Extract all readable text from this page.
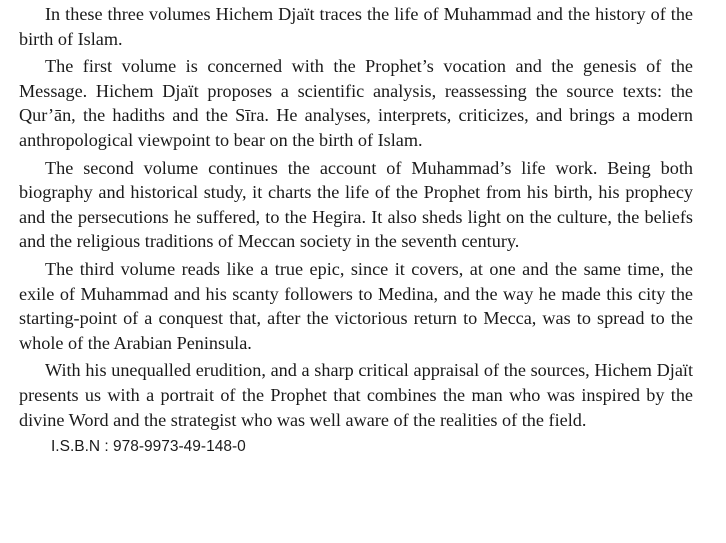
In these three volumes Hichem Djaït traces the life of Muhammad and the history of the birth of Islam.

The first volume is concerned with the Prophet’s vocation and the genesis of the Message. Hichem Djaït proposes a scientific analysis, reassessing the source texts: the Qur’ān, the hadiths and the Sīra. He analyses, interprets, criticizes, and brings a modern anthropological viewpoint to bear on the birth of Islam.

The second volume continues the account of Muhammad’s life work. Being both biography and historical study, it charts the life of the Prophet from his birth, his prophecy and the persecutions he suffered, to the Hegira. It also sheds light on the culture, the beliefs and the religious traditions of Meccan society in the seventh century.

The third volume reads like a true epic, since it covers, at one and the same time, the exile of Muhammad and his scanty followers to Medina, and the way he made this city the starting-point of a conquest that, after the victorious return to Mecca, was to spread to the whole of the Arabian Peninsula.

With his unequalled erudition, and a sharp critical appraisal of the sources, Hichem Djaït presents us with a portrait of the Prophet that combines the man who was inspired by the divine Word and the strategist who was well aware of the realities of the field.

I.S.B.N : 978-9973-49-148-0
